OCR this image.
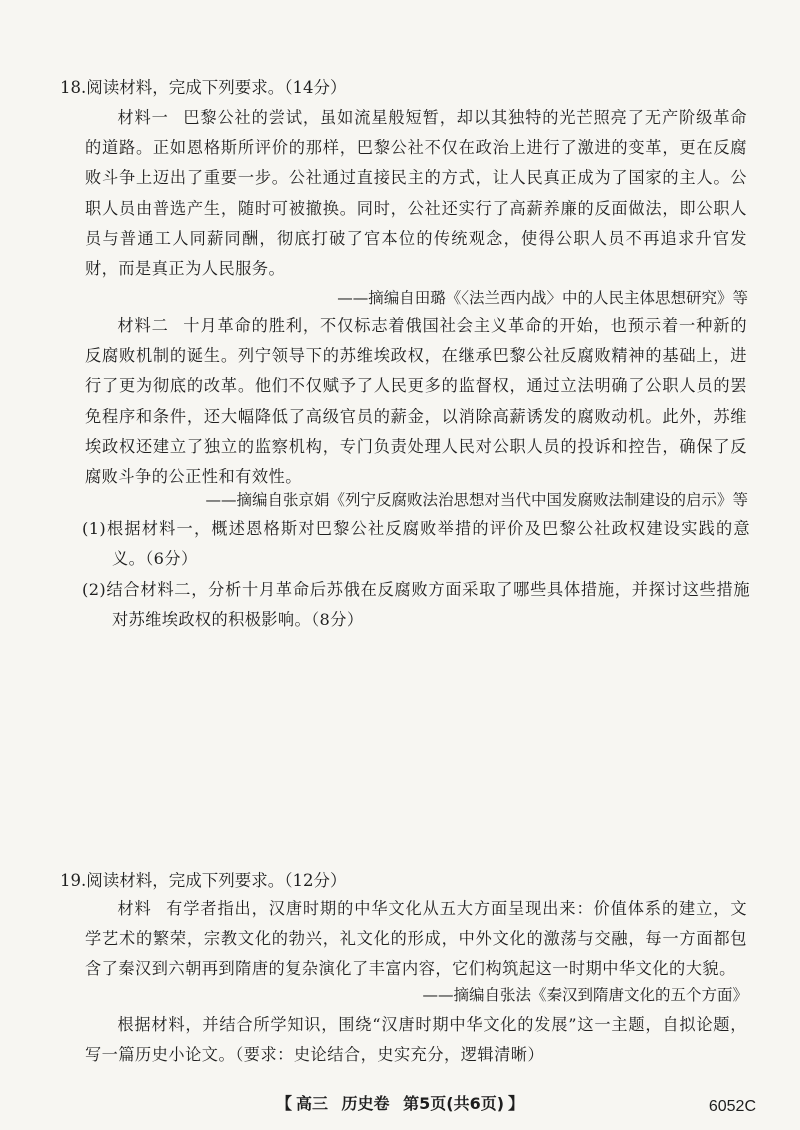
18.阅读材料，完成下列要求。（14分）
材料一 巴黎公社的尝试，虽如流星般短暂，却以其独特的光芒照亮了无产阶级革命的道路。正如恩格斯所评价的那样，巴黎公社不仅在政治上进行了激进的变革，更在反腐败斗争上迈出了重要一步。公社通过直接民主的方式，让人民真正成为了国家的主人。公职人员由普选产生，随时可被撤换。同时，公社还实行了高薪养廉的反面做法，即公职人员与普通工人同薪同酬，彻底打破了官本位的传统观念，使得公职人员不再追求升官发财，而是真正为人民服务。
——摘编自田璐《〈法兰西内战〉中的人民主体思想研究》等
材料二 十月革命的胜利，不仅标志着俄国社会主义革命的开始，也预示着一种新的反腐败机制的诞生。列宁领导下的苏维埃政权，在继承巴黎公社反腐败精神的基础上，进行了更为彻底的改革。他们不仅赋予了人民更多的监督权，通过立法明确了公职人员的罢免程序和条件，还大幅降低了高级官员的薪金，以消除高薪诱发的腐败动机。此外，苏维埃政权还建立了独立的监察机构，专门负责处理人民对公职人员的投诉和控告，确保了反腐败斗争的公正性和有效性。
——摘编自张京娟《列宁反腐败法治思想对当代中国发腐败法制建设的启示》等
(1)根据材料一，概述恩格斯对巴黎公社反腐败举措的评价及巴黎公社政权建设实践的意义。（6分）
(2)结合材料二，分析十月革命后苏俄在反腐败方面采取了哪些具体措施，并探讨这些措施对苏维埃政权的积极影响。（8分）
19.阅读材料，完成下列要求。（12分）
材料 有学者指出，汉唐时期的中华文化从五大方面呈现出来：价值体系的建立，文学艺术的繁荣，宗教文化的勃兴，礼文化的形成，中外文化的激荡与交融，每一方面都包含了秦汉到六朝再到隋唐的复杂演化了丰富内容，它们构筑起这一时期中华文化的大貌。
——摘编自张法《秦汉到隋唐文化的五个方面》
根据材料，并结合所学知识，围绕“汉唐时期中华文化的发展”这一主题，自拟论题，写一篇历史小论文。（要求：史论结合，史实充分，逻辑清晰）
【 高三 历史卷 第5页(共6页) 】	6052C
